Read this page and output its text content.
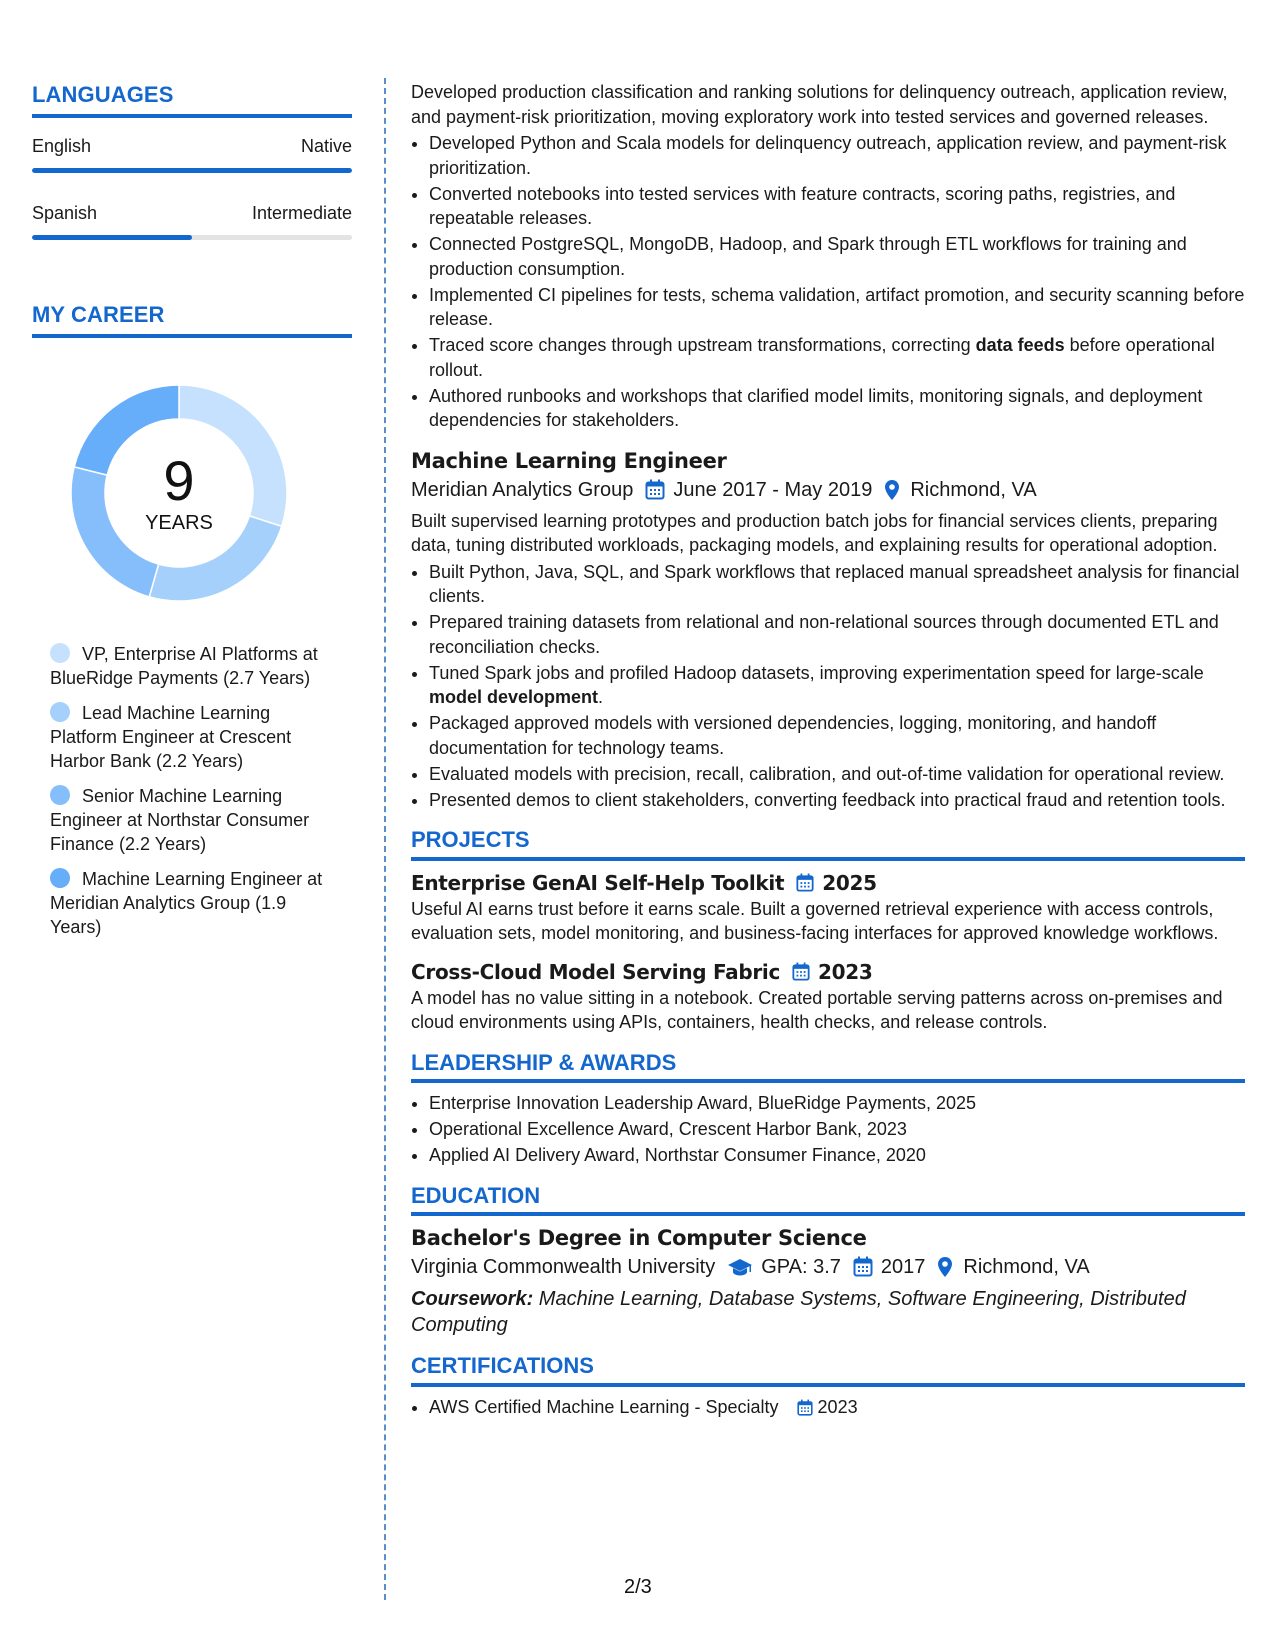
LANGUAGES
English	Native
Spanish	Intermediate
MY CAREER
9
YEARS
VP, Enterprise AI Platforms at BlueRidge Payments (2.7 Years)
Lead Machine Learning Platform Engineer at Crescent Harbor Bank (2.2 Years)
Senior Machine Learning Engineer at Northstar Consumer Finance (2.2 Years)
Machine Learning Engineer at Meridian Analytics Group (1.9 Years)

Developed production classification and ranking solutions for delinquency outreach, application review, and payment-risk prioritization, moving exploratory work into tested services and governed releases.

• Developed Python and Scala models for delinquency outreach, application review, and payment-risk prioritization.
• Converted notebooks into tested services with feature contracts, scoring paths, registries, and repeatable releases.
• Connected PostgreSQL, MongoDB, Hadoop, and Spark through ETL workflows for training and production consumption.
• Implemented CI pipelines for tests, schema validation, artifact promotion, and security scanning before release.
• Traced score changes through upstream transformations, correcting data feeds before operational rollout.
• Authored runbooks and workshops that clarified model limits, monitoring signals, and deployment dependencies for stakeholders.
Machine Learning Engineer
Meridian Analytics Group June 2017 - May 2019 Richmond, VA

Built supervised learning prototypes and production batch jobs for financial services clients, preparing data, tuning distributed workloads, packaging models, and explaining results for operational adoption.

• Built Python, Java, SQL, and Spark workflows that replaced manual spreadsheet analysis for financial clients.
• Prepared training datasets from relational and non-relational sources through documented ETL and reconciliation checks.
• Tuned Spark jobs and profiled Hadoop datasets, improving experimentation speed for large-scale model development.
• Packaged approved models with versioned dependencies, logging, monitoring, and handoff documentation for technology teams.
• Evaluated models with precision, recall, calibration, and out-of-time validation for operational review.
• Presented demos to client stakeholders, converting feedback into practical fraud and retention tools.
PROJECTS
Enterprise GenAI Self-Help Toolkit 2025

Useful AI earns trust before it earns scale. Built a governed retrieval experience with access controls, evaluation sets, model monitoring, and business-facing interfaces for approved knowledge workflows.

Cross-Cloud Model Serving Fabric 2023

A model has no value sitting in a notebook. Created portable serving patterns across on-premises and cloud environments using APIs, containers, health checks, and release controls.

LEADERSHIP & AWARDS
• Enterprise Innovation Leadership Award, BlueRidge Payments, 2025
• Operational Excellence Award, Crescent Harbor Bank, 2023
• Applied AI Delivery Award, Northstar Consumer Finance, 2020
EDUCATION
Bachelor's Degree in Computer Science
Virginia Commonwealth University GPA: 3.7 2017 Richmond, VA
Coursework: Machine Learning, Database Systems, Software Engineering, Distributed Computing
CERTIFICATIONS
• AWS Certified Machine Learning - Specialty 2023
2/3
